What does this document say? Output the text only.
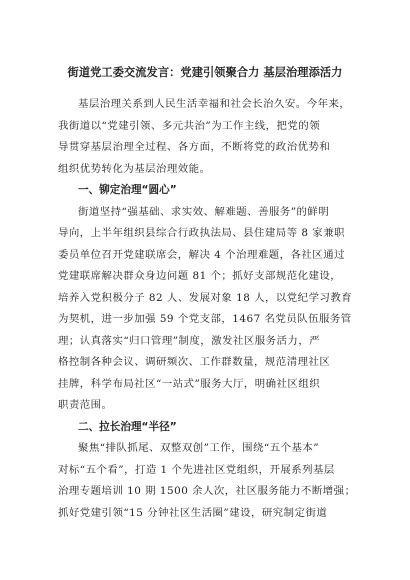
街道党工委交流发言：党建引领聚合力 基层治理添活力

基层治理关系到人民生活幸福和社会长治久安。今年来，
我街道以“党建引领、多元共治”为工作主线，把党的领
导贯穿基层治理全过程、各方面，不断将党的政治优势和
组织优势转化为基层治理效能。

一、铆定治理“圆心”

街道坚持“强基础、求实效、解难题、善服务”的鲜明
导向，上半年组织县综合行政执法局、县住建局等 8 家兼职
委员单位召开党建联席会，解决 4 个治理难题，各社区通过
党建联席解决群众身边问题 81 个；抓好支部规范化建设，
培养入党积极分子 82 人、发展对象 18 人，以党纪学习教育
为契机，进一步加强 59 个党支部，1467 名党员队伍服务管
理；认真落实“归口管理”制度，激发社区服务活力，严
格控制各种会议、调研频次、工作群数量，规范清理社区
挂牌，科学布局社区“一站式”服务大厅，明确社区组织
职责范围。

二、拉长治理“半径”

聚焦“排队抓尾、双整双创”工作，围绕“五个基本”
对标“五个看”，打造 1 个先进社区党组织，开展系列基层
治理专题培训 10 期 1500 余人次，社区服务能力不断增强；
抓好党建引领“15 分钟社区生活圈”建设，研究制定街道
